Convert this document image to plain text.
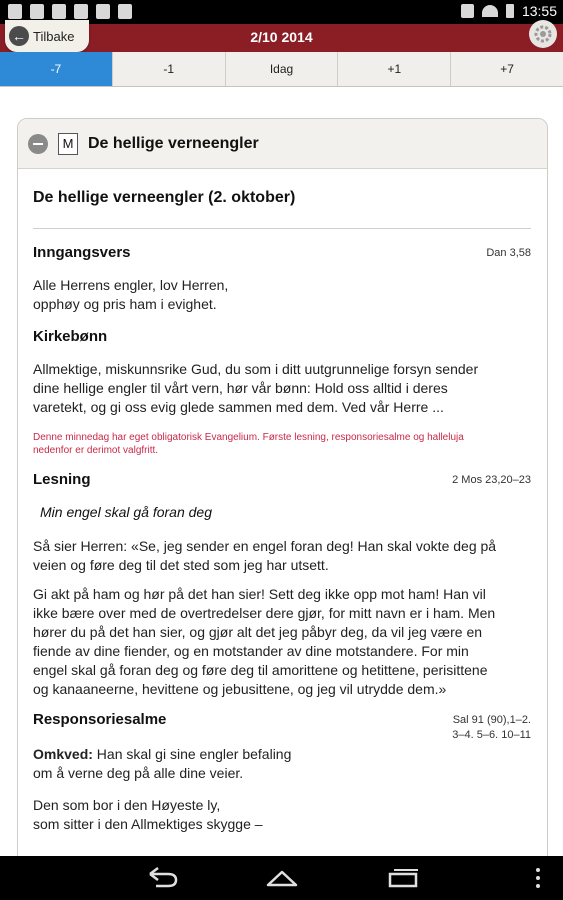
13:55
← Tilbake	2/10 2014
-7	-1	Idag	+1	+7
M De hellige verneengler
De hellige verneengler (2. oktober)
Inngangsvers	Dan 3,58
Alle Herrens engler, lov Herren,
opphøy og pris ham i evighet.
Kirkebønn
Allmektige, miskunnsrike Gud, du som i ditt uutgrunnelige forsyn sender
dine hellige engler til vårt vern, hør vår bønn: Hold oss alltid i deres
varetekt, og gi oss evig glede sammen med dem. Ved vår Herre ...
Denne minnedag har eget obligatorisk Evangelium. Første lesning, responsoriesalme og halleluja
nedenfor er derimot valgfritt.
Lesning	2 Mos 23,20–23
Min engel skal gå foran deg
Så sier Herren: «Se, jeg sender en engel foran deg! Han skal vokte deg på
veien og føre deg til det sted som jeg har utsett.
Gi akt på ham og hør på det han sier! Sett deg ikke opp mot ham! Han vil
ikke bære over med de overtredelser dere gjør, for mitt navn er i ham. Men
hører du på det han sier, og gjør alt det jeg påbyr deg, da vil jeg være en
fiende av dine fiender, og en motstander av dine motstandere. For min
engel skal gå foran deg og føre deg til amorittene og hetittene, perisittene
og kanaaneerne, hevittene og jebusittene, og jeg vil utrydde dem.»
Responsoriesalme	Sal 91 (90),1–2.
3–4. 5–6. 10–11
Omkved: Han skal gi sine engler befaling
om å verne deg på alle dine veier.
Den som bor i den Høyeste ly,
som sitter i den Allmektiges skygge –
